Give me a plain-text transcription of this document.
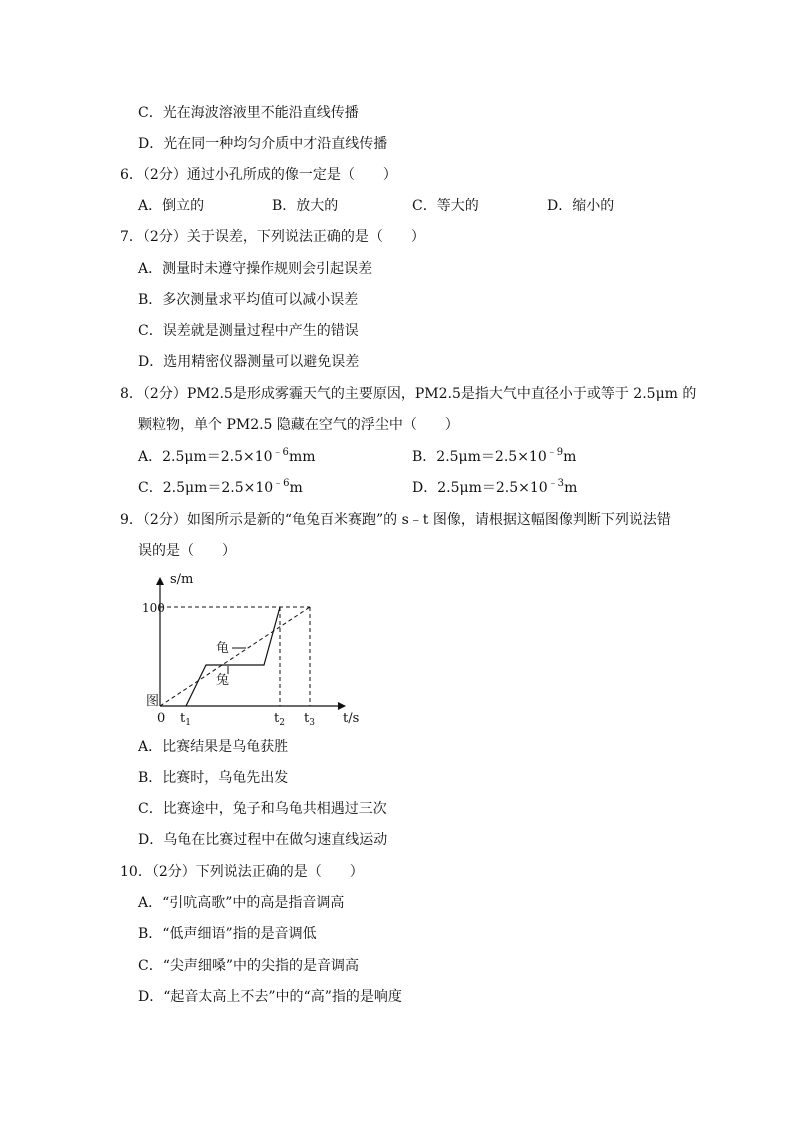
C．光在海波溶液里不能沿直线传播
D．光在同一种均匀介质中才沿直线传播
6．（2分）通过小孔所成的像一定是（　　）
A．倒立的	B．放大的	C．等大的	D．缩小的
7．（2分）关于误差，下列说法正确的是（　　）
A．测量时未遵守操作规则会引起误差
B．多次测量求平均值可以减小误差
C．误差就是测量过程中产生的错误
D．选用精密仪器测量可以避免误差
8．（2分）PM2.5是形成雾霾天气的主要原因，PM2.5是指大气中直径小于或等于 2.5μm 的
颗粒物，单个 PM2.5 隐藏在空气的浮尘中（　　）
A．$2.5\mu m=2.5\times 10^{﹣6}mm$	B．$2.5\mu m=2.5\times 10^{﹣9}m$
C．$2.5\mu m=2.5\times 10^{﹣6}m$	D．$2.5\mu m=2.5\times 10^{﹣3}m$
9．（2分）如图所示是新的“龟兔百米赛跑”的 s﹣t 图像，请根据这幅图像判断下列说法错
误的是（　　）
s/m
t/s
100
0
图
龟
兔
$t_1$	$t_2$ $t_3$
A．比赛结果是乌龟获胜
B．比赛时，乌龟先出发
C．比赛途中，兔子和乌龟共相遇过三次
D．乌龟在比赛过程中在做匀速直线运动
10．（2分）下列说法正确的是（　　）
A．“引吭高歌”中的高是指音调高
B．“低声细语”指的是音调低
C．“尖声细嗓”中的尖指的是音调高
D．“起音太高上不去”中的“高”指的是响度
